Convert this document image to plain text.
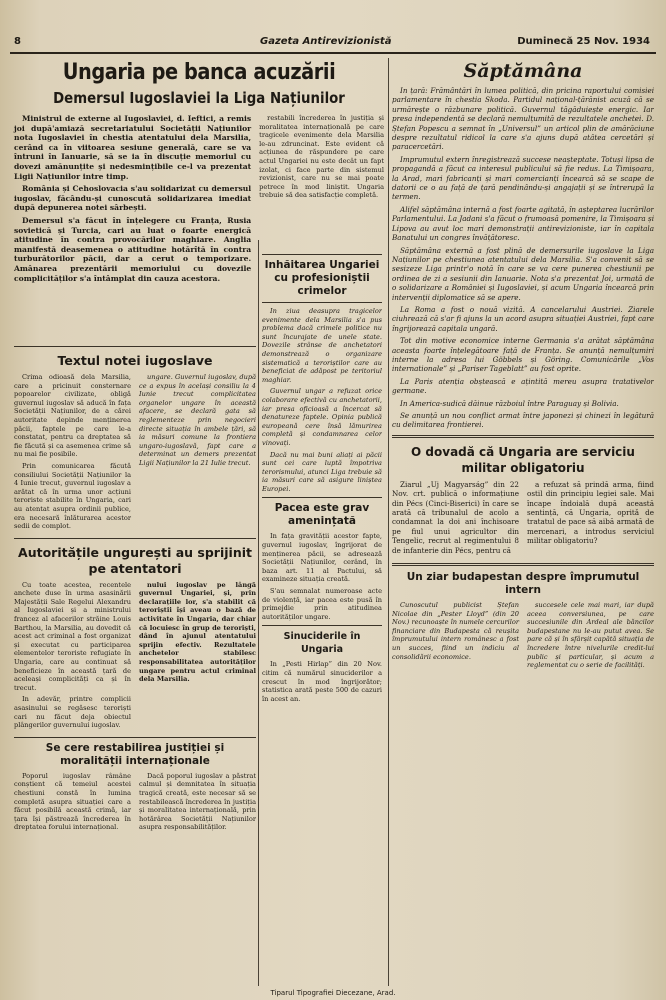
8	Gazeta Antirevizionistă	Duminecă 25 Nov. 1934
Ungaria pe banca acuzării
Demersul Iugoslaviei la Liga Națiunilor

Ministrul de externe al Iugoslaviei, d. Ieftici, a remis joi după'amiază secretariatului Societății Națiunilor nota Iugoslaviei în chestia atentatului dela Marsilia, cerând ca în viitoarea sesiune generală, care se va întruni în Ianuarie, să se ia în discuție memoriul cu dovezi amănunțite și nedesmințibile ce-l va prezentat Ligii Națiunilor intre timp.

România și Cehoslovacia s'au solidarizat cu demersul iugoslav, făcându-și cunoscută solidarizarea imediat după depunerea notei sârbești.

Demersul s'a făcut în înțelegere cu Franța, Rusia sovietică și Turcia, cari au luat o foarte energică atitudine în contra provocărilor maghiare. Anglia manifestă deasemenea o atitudine hotărîtă în contra turburătorilor păcii, dar a cerut o temporizare. Amânarea prezentării memoriului cu dovezile complicităților s'a întâmplat din cauza acestora.

restabili încrederea în justiția și moralitatea internațională pe care tragicele evenimente dela Marsilia le-au zdruncinat. Este evident că acțiunea de răspundere pe care actul Ungariei nu este decât un fapt izolat, ci face parte din sistemul revizionist, care nu se mai poate petrece în mod liniștit. Ungaria trebuie să dea satisfacție completă.

Textul notei iugoslave

Crima odioasă dela Marsilia, care a pricinuit consternare popoarelor civilizate, obligă guvernul iugoslav să aducă în fața Societății Națiunilor, de a cărei autoritate depinde menținerea păcii, faptele pe care le-a constatat, pentru ca dreptatea să fie făcută și ca asemenea crime să nu mai fie posibile.

Prin comunicarea făcută consiliului Societății Națiunilor la 4 Iunie trecut, guvernul iugoslav a arătat că în urma unor acțiuni teroriste stabilite în Ungaria, cari au atentat asupra ordinii publice, era necesară înlăturarea acestor sedii de complot.

ungare. Guvernul iugoslav, după ce a expus în același consiliu la 4 Iunie trecut complicitatea organelor ungare în această afacere, se declară gata să reglementeze prin negocieri directe situația în ambele țări, să ia măsuri comune la frontiera ungaro-iugoslavă, fapt care a determinat un demers prezentat Ligii Națiunilor la 21 Iulie trecut.

Autoritățile ungurești au sprijinit pe atentatori

Cu toate acestea, recentele anchete duse în urma asasinării Majestății Sale Regelui Alexandru al Iugoslaviei și a ministrului francez al afacerilor străine Louis Barthou, la Marsilia, au dovedit că acest act criminal a fost organizat și executat cu participarea elementelor teroriste refugiate în Ungaria, care au continuat să beneficieze în această țară de aceleași complicități ca și în trecut.

In adevăr, printre complicii asasinului se regăsesc teroriști cari nu făcut deja obiectul plângerilor guvernului iugoslav.

nului iugoslav pe lângă guvernul Ungariei, și, prin declarațiile lor, s'a stabilit că teroriștii își aveau o bază de activitate în Ungaria, dar chiar că locuiesc în grup de teroriști, dând în ajunul atentatului sprijin efectiv. Rezultatele anchetelor stabilesc responsabilitatea autorităților ungare pentru actul criminal dela Marsilia.

Se cere restabilirea justiției și moralității internaționale

Poporul iugoslav râmâne conștient că temeiul acestei chestiuni constă în lumina completă asupra situației care a făcut posibilă această crimă, iar țara își păstrează încrederea în dreptatea forului internațional.

Dacă poporul iugoslav a păstrat calmul și demnitatea în situația tragică creată, este necesar să se restabilească încrederea în justiția și moralitatea internațională, prin hotărârea Societății Națiunilor asupra responsabilităților.

Inhăitarea Ungariei cu profesioniștii crimelor

In ziua deasupra tragicelor evenimente dela Marsilia s'a pus problema dacă crimele politice nu sunt încurajate de unele state. Dovezile strânse de anchetatori demonstrează o organizare sistematică a teroriștilor care au beneficiat de adăpost pe teritoriul maghiar.

Guvernul ungar a refuzat orice colaborare efectivă cu anchetatorii, iar presa oficioasă a încercat să denatureze faptele. Opinia publică europeană cere însă lămurirea completă și condamnarea celor vinovați.

Dacă nu mai buni aliați ai păcii sunt cei care luptă împotriva terorismului, atunci Liga trebuie să ia măsuri care să asigure liniștea Europei.

Pacea este grav amenințată

In fața gravității acestor fapte, guvernul iugoslav, îngrijorat de menținerea păcii, se adresează Societății Națiunilor, cerând, în baza art. 11 al Pactului, să examineze situația creată.

S'au semnalat numeroase acte de violență, iar pacea este pusă în primejdie prin atitudinea autorităților ungare.

Sinuciderile în Ungaria

In „Pesti Hirlap” din 20 Nov. citim că numărul sinuciderilor a crescut în mod îngrijorător; statistica arată peste 500 de cazuri în acest an.

Săptămâna

In țară: Frământări în lumea politică, din pricina raportului comisiei parlamentare în chestia Skoda. Partidul național-țărănist acuză că se urmărește o răzbunare politică. Guvernul tăgăduiește energic. Iar presa independentă se declară nemulțumită de rezultatele anchetei. D. Ștefan Popescu a semnat în „Universul” un articol plin de amărăciune despre rezultatul ridicol la care s'a ajuns după atâtea cercetări și paracercetări.

Imprumutul extern înregistrează succese neașteptate. Totuși lipsa de propagandă a făcut ca interesul publicului să fie redus. La Timișoara, la Arad, mari fabricanți și mari comercianți încearcă să se scape de datorii ce o au față de țară pendinându-și angajații și se întrerupă la termen.

Alifel săptămâna internă a fost foarte agitată, în așteptarea lucrărilor Parlamentului. La Jadani s'a făcut o frumoasă pomenire, la Timișoara și Lipova au avut loc mari demonstrații antirevizioniste, iar în capitala Banatului un congres învățătoresc.

Săptămâna externă a fost plină de demersurile iugoslave la Liga Națiunilor pe chestiunea atentatului dela Marsilia. S'a convenit să se sesizeze Liga printr'o notă în care se va cere punerea chestiunii pe ordinea de zi a sesiunii din Ianuarie. Nota s'a prezentat Joi, urmată de o solidarizare a României și Iugoslaviei, și acum Ungaria încearcă prin intervenții diplomatice să se apere.

La Roma a fost o nouă vizită. A cancelarului Austriei. Ziarele ciuhrează că s'ar fi ajuns la un acord asupra situației Austriei, fapt care îngrijorează capitala ungară.

Tot din motive economice interne Germania s'a arătat săptămâna aceasta foarte înțelegătoare față de Franța. Se anunță nemulțumiri interne la adresa lui Göbbels și Göring. Comunicările „Vos internationale” și „Pariser Tageblatt” au fost oprite.

La Paris atenția obștească e ațintită mereu asupra tratativelor germane.

In America-sudică dăinue războiul între Paraguay și Bolivia.

Se anunță un nou conflict armat între japonezi și chinezi în legătură cu delimitarea frontierei.

O dovadă că Ungaria are serviciu militar obligatoriu

Ziarul „Uj Magyarság” din 22 Nov. crt. publică o informațiune din Pécs (Cinci-Biserici) în care se arată că tribunalul de acolo a condamnat la doi ani închisoare pe fiul unui agricultor din Tengelic, recrut al regimentului 8 de infanterie din Pécs, pentru că

a refuzat să prindă arma, fiind ostil din principiu legiei sale. Mai încape îndoială după această sentință, că Ungaria, opritǎ de tratatul de pace să aibă armată de mercenari, a introdus serviciul militar obligatoriu?

Un ziar budapestan despre împrumutul intern

Cunoscutul publicist Ștefan Nicolae din „Pester Lloyd” (din 20 Nov.) recunoaște în numele cercurilor financiare din Budapesta că reușita împrumutului intern românesc a fost un succes, fiind un indiciu al consolidării economice.

succesele cele mai mari, iar după aceea conversiunea, pe care succesiunile din Ardeal ale băncilor budapestane nu le-au putut avea. Se pare că și în sfârșit capătă situația de încredere între nivelurile credit-lui public și particular, și acum a reglementat cu o serie de facilități.

Tiparul Tipografiei Diecezane, Arad.
